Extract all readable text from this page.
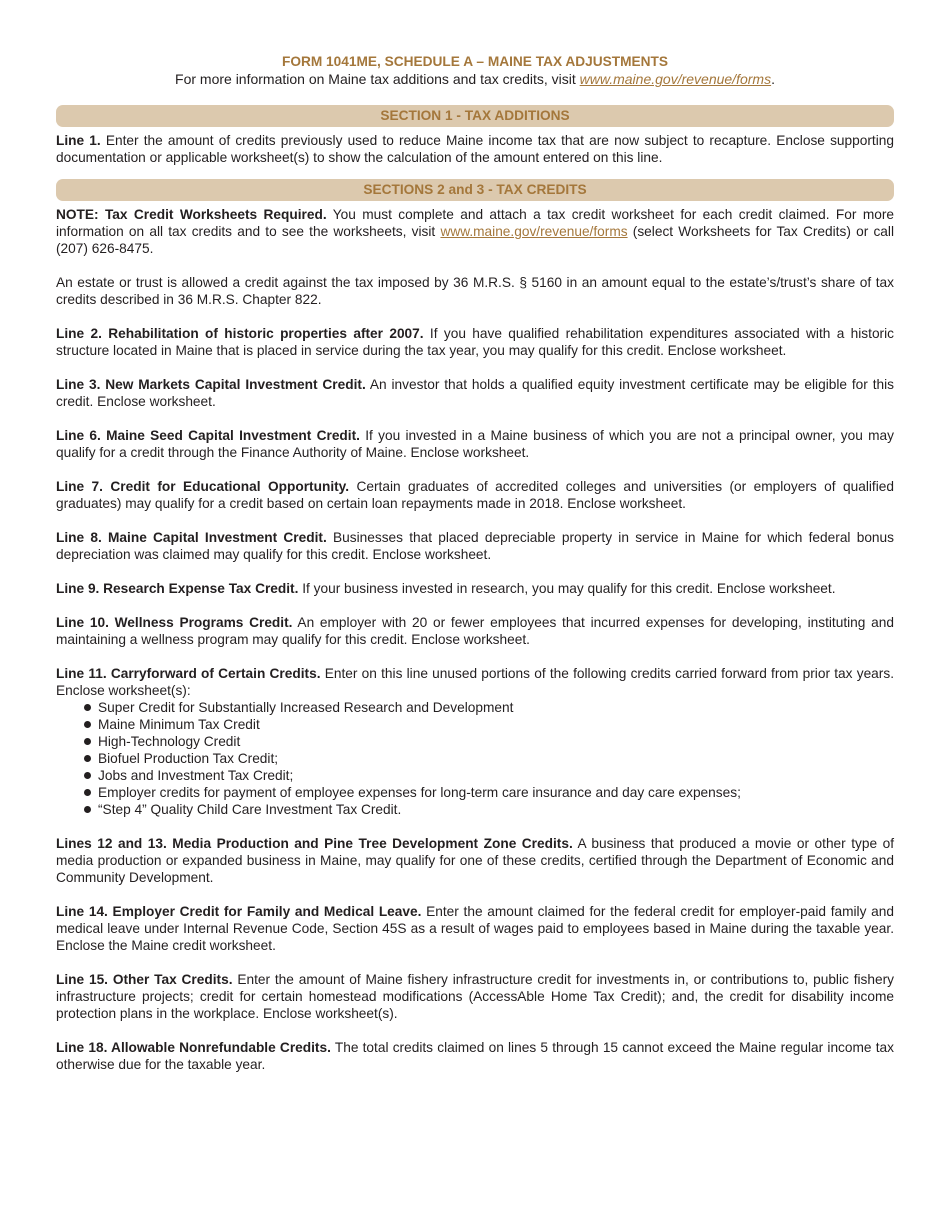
FORM 1041ME, SCHEDULE A – MAINE TAX ADJUSTMENTS
For more information on Maine tax additions and tax credits, visit www.maine.gov/revenue/forms.
SECTION 1 - TAX ADDITIONS

Line 1. Enter the amount of credits previously used to reduce Maine income tax that are now subject to recapture. Enclose supporting documentation or applicable worksheet(s) to show the calculation of the amount entered on this line.

SECTIONS 2 and 3 - TAX CREDITS

NOTE: Tax Credit Worksheets Required. You must complete and attach a tax credit worksheet for each credit claimed. For more information on all tax credits and to see the worksheets, visit www.maine.gov/revenue/forms (select Worksheets for Tax Credits) or call (207) 626-8475.

An estate or trust is allowed a credit against the tax imposed by 36 M.R.S. § 5160 in an amount equal to the estate’s/trust’s share of tax credits described in 36 M.R.S. Chapter 822.

Line 2. Rehabilitation of historic properties after 2007. If you have qualified rehabilitation expenditures associated with a historic structure located in Maine that is placed in service during the tax year, you may qualify for this credit. Enclose worksheet.

Line 3. New Markets Capital Investment Credit. An investor that holds a qualified equity investment certificate may be eligible for this credit. Enclose worksheet.

Line 6. Maine Seed Capital Investment Credit. If you invested in a Maine business of which you are not a principal owner, you may qualify for a credit through the Finance Authority of Maine. Enclose worksheet.

Line 7. Credit for Educational Opportunity. Certain graduates of accredited colleges and universities (or employers of qualified graduates) may qualify for a credit based on certain loan repayments made in 2018. Enclose worksheet.

Line 8. Maine Capital Investment Credit. Businesses that placed depreciable property in service in Maine for which federal bonus depreciation was claimed may qualify for this credit. Enclose worksheet.

Line 9. Research Expense Tax Credit. If your business invested in research, you may qualify for this credit. Enclose worksheet.

Line 10. Wellness Programs Credit. An employer with 20 or fewer employees that incurred expenses for developing, instituting and maintaining a wellness program may qualify for this credit. Enclose worksheet.

Line 11. Carryforward of Certain Credits. Enter on this line unused portions of the following credits carried forward from prior tax years. Enclose worksheet(s):

Super Credit for Substantially Increased Research and Development
Maine Minimum Tax Credit
High-Technology Credit
Biofuel Production Tax Credit;
Jobs and Investment Tax Credit;
Employer credits for payment of employee expenses for long-term care insurance and day care expenses;
“Step 4” Quality Child Care Investment Tax Credit.

Lines 12 and 13. Media Production and Pine Tree Development Zone Credits. A business that produced a movie or other type of media production or expanded business in Maine, may qualify for one of these credits, certified through the Department of Economic and Community Development.

Line 14. Employer Credit for Family and Medical Leave. Enter the amount claimed for the federal credit for employer-paid family and medical leave under Internal Revenue Code, Section 45S as a result of wages paid to employees based in Maine during the taxable year. Enclose the Maine credit worksheet.

Line 15. Other Tax Credits. Enter the amount of Maine fishery infrastructure credit for investments in, or contributions to, public fishery infrastructure projects; credit for certain homestead modifications (AccessAble Home Tax Credit); and, the credit for disability income protection plans in the workplace. Enclose worksheet(s).

Line 18. Allowable Nonrefundable Credits. The total credits claimed on lines 5 through 15 cannot exceed the Maine regular income tax otherwise due for the taxable year.
